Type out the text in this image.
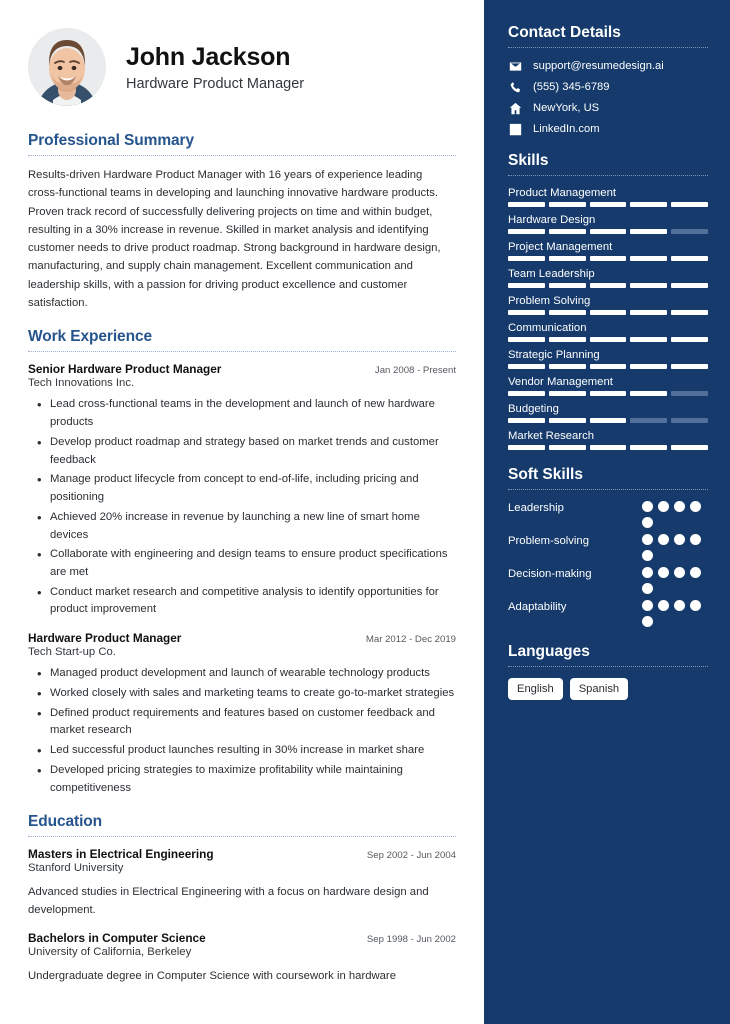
John Jackson
Hardware Product Manager
Professional Summary
Results-driven Hardware Product Manager with 16 years of experience leading cross-functional teams in developing and launching innovative hardware products. Proven track record of successfully delivering projects on time and within budget, resulting in a 30% increase in revenue. Skilled in market analysis and identifying customer needs to drive product roadmap. Strong background in hardware design, manufacturing, and supply chain management. Excellent communication and leadership skills, with a passion for driving product excellence and customer satisfaction.
Work Experience
Senior Hardware Product Manager	Jan 2008 - Present
Tech Innovations Inc.
• Lead cross-functional teams in the development and launch of new hardware products
• Develop product roadmap and strategy based on market trends and customer feedback
• Manage product lifecycle from concept to end-of-life, including pricing and positioning
• Achieved 20% increase in revenue by launching a new line of smart home devices
• Collaborate with engineering and design teams to ensure product specifications are met
• Conduct market research and competitive analysis to identify opportunities for product improvement
Hardware Product Manager	Mar 2012 - Dec 2019
Tech Start-up Co.
• Managed product development and launch of wearable technology products
• Worked closely with sales and marketing teams to create go-to-market strategies
• Defined product requirements and features based on customer feedback and market research
• Led successful product launches resulting in 30% increase in market share
• Developed pricing strategies to maximize profitability while maintaining competitiveness
Education
Masters in Electrical Engineering	Sep 2002 - Jun 2004
Stanford University
Advanced studies in Electrical Engineering with a focus on hardware design and development.
Bachelors in Computer Science	Sep 1998 - Jun 2002
University of California, Berkeley
Undergraduate degree in Computer Science with coursework in hardware
Contact Details
support@resumedesign.ai
(555) 345-6789
NewYork, US
LinkedIn.com
Skills
Product Management
Hardware Design
Project Management
Team Leadership
Problem Solving
Communication
Strategic Planning
Vendor Management
Budgeting
Market Research
Soft Skills
Leadership
Problem-solving
Decision-making
Adaptability
Languages
English	Spanish
